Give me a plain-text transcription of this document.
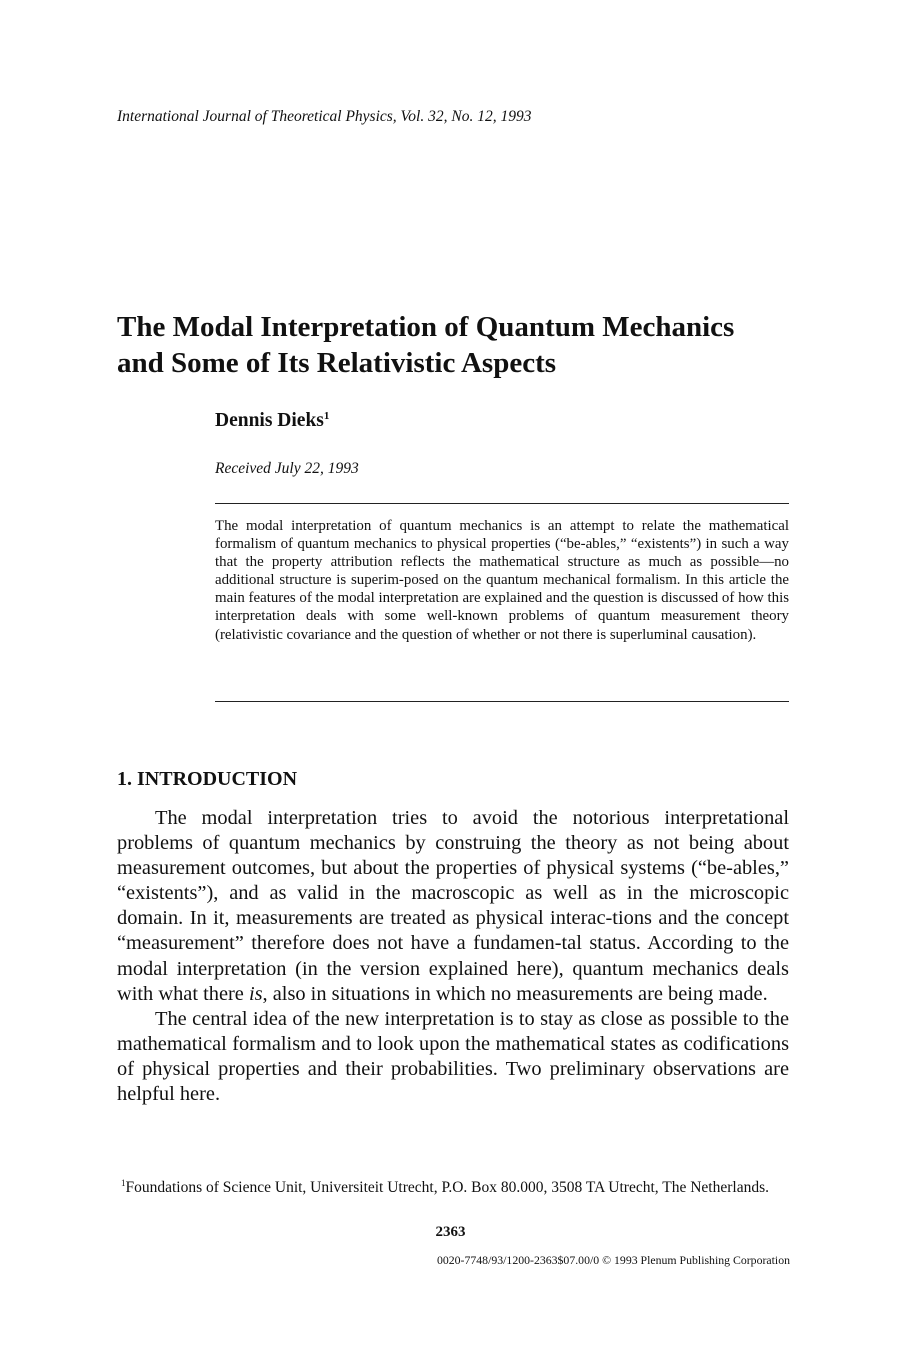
International Journal of Theoretical Physics, Vol. 32, No. 12, 1993
The Modal Interpretation of Quantum Mechanics
and Some of Its Relativistic Aspects
Dennis Dieks$^1$
Received July 22, 1993
The modal interpretation of quantum mechanics is an attempt to relate the mathematical formalism of quantum mechanics to physical properties (“be-ables,” “existents”) in such a way that the property attribution reflects the mathematical structure as much as possible—no additional structure is superim-posed on the quantum mechanical formalism. In this article the main features of the modal interpretation are explained and the question is discussed of how this interpretation deals with some well-known problems of quantum measurement theory (relativistic covariance and the question of whether or not there is superluminal causation).
1. INTRODUCTION

The modal interpretation tries to avoid the notorious interpretational problems of quantum mechanics by construing the theory as not being about measurement outcomes, but about the properties of physical systems (“be-ables,” “existents”), and as valid in the macroscopic as well as in the microscopic domain. In it, measurements are treated as physical interac-tions and the concept “measurement” therefore does not have a fundamen-tal status. According to the modal interpretation (in the version explained here), quantum mechanics deals with what there is, also in situations in which no measurements are being made.

The central idea of the new interpretation is to stay as close as possible to the mathematical formalism and to look upon the mathematical states as codifications of physical properties and their probabilities. Two preliminary observations are helpful here.

$^1$Foundations of Science Unit, Universiteit Utrecht, P.O. Box 80.000, 3508 TA Utrecht, The Netherlands.
2363
0020-7748/93/1200-2363$07.00/0 © 1993 Plenum Publishing Corporation
